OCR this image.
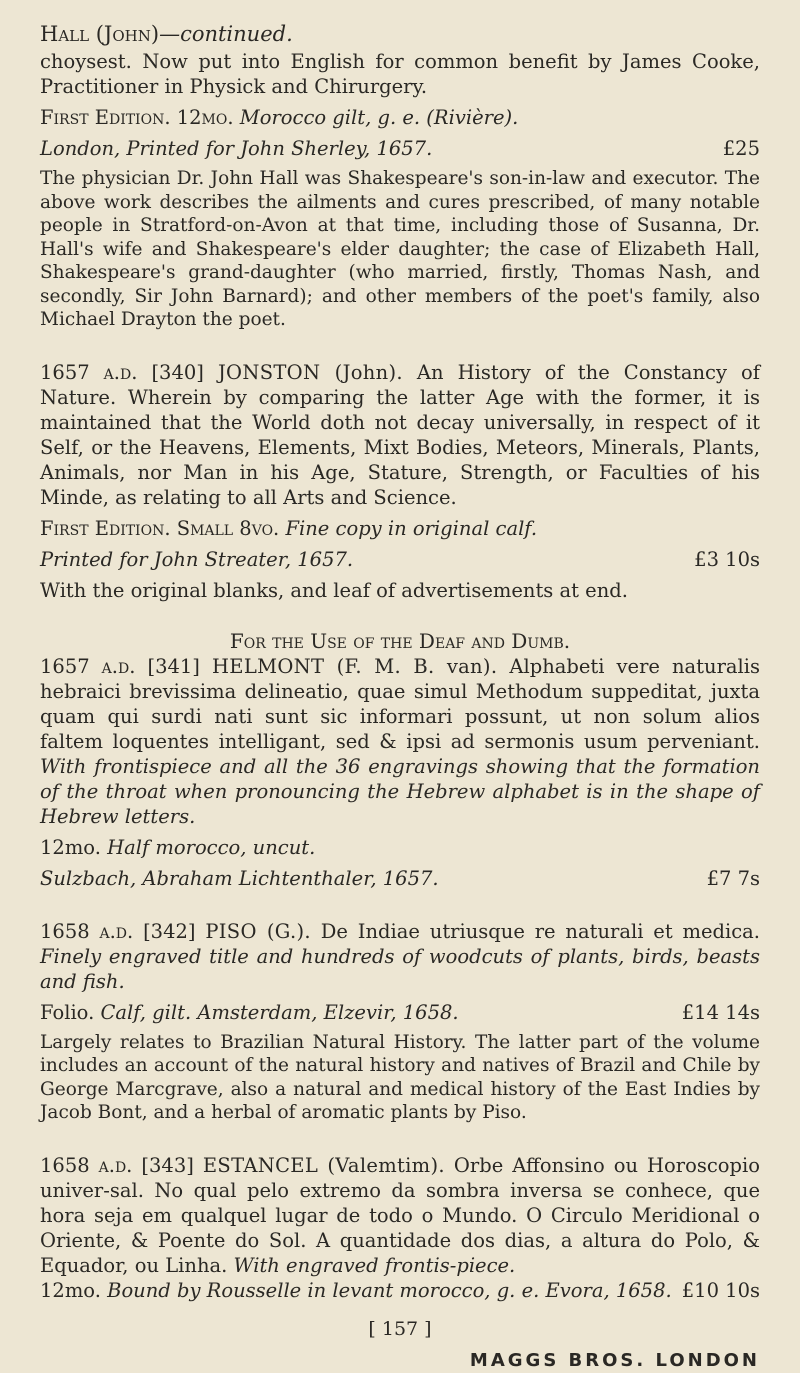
Hall (John)—continued.

choysest. Now put into English for common benefit by James Cooke, Practitioner in Physick and Chirurgery.

First Edition. 12mo. Morocco gilt, g. e. (Rivière).

London, Printed for John Sherley, 1657.	£25

The physician Dr. John Hall was Shakespeare's son-in-law and executor. The above work describes the ailments and cures prescribed, of many notable people in Stratford-on-Avon at that time, including those of Susanna, Dr. Hall's wife and Shakespeare's elder daughter; the case of Elizabeth Hall, Shakespeare's grand-daughter (who married, firstly, Thomas Nash, and secondly, Sir John Barnard); and other members of the poet's family, also Michael Drayton the poet.

1657 a.d. [340] JONSTON (John). An History of the Constancy of Nature. Wherein by comparing the latter Age with the former, it is maintained that the World doth not decay universally, in respect of it Self, or the Heavens, Elements, Mixt Bodies, Meteors, Minerals, Plants, Animals, nor Man in his Age, Stature, Strength, or Faculties of his Minde, as relating to all Arts and Science.

First Edition. Small 8vo. Fine copy in original calf.

Printed for John Streater, 1657.	£3 10s

With the original blanks, and leaf of advertisements at end.

For the Use of the Deaf and Dumb.

1657 a.d. [341] HELMONT (F. M. B. van). Alphabeti vere naturalis hebraici brevissima delineatio, quae simul Methodum suppeditat, juxta quam qui surdi nati sunt sic informari possunt, ut non solum alios faltem loquentes intelligant, sed & ipsi ad sermonis usum perveniant. With frontispiece and all the 36 engravings showing that the formation of the throat when pronouncing the Hebrew alphabet is in the shape of Hebrew letters.

12mo. Half morocco, uncut.

Sulzbach, Abraham Lichtenthaler, 1657.	£7 7s

1658 a.d. [342] PISO (G.). De Indiae utriusque re naturali et medica. Finely engraved title and hundreds of woodcuts of plants, birds, beasts and fish.

Folio. Calf, gilt. Amsterdam, Elzevir, 1658.	£14 14s

Largely relates to Brazilian Natural History. The latter part of the volume includes an account of the natural history and natives of Brazil and Chile by George Marcgrave, also a natural and medical history of the East Indies by Jacob Bont, and a herbal of aromatic plants by Piso.

1658 a.d. [343] ESTANCEL (Valemtim). Orbe Affonsino ou Horoscopio univer-sal. No qual pelo extremo da sombra inversa se conhece, que hora seja em qualquel lugar de todo o Mundo. O Circulo Meridional o Oriente, & Poente do Sol. A quantidade dos dias, a altura do Polo, & Equador, ou Linha. With engraved frontis-piece.

12mo. Bound by Rousselle in levant morocco, g. e. Evora, 1658. £10 10s

[ 157 ]

MAGGS BROS. LONDON
